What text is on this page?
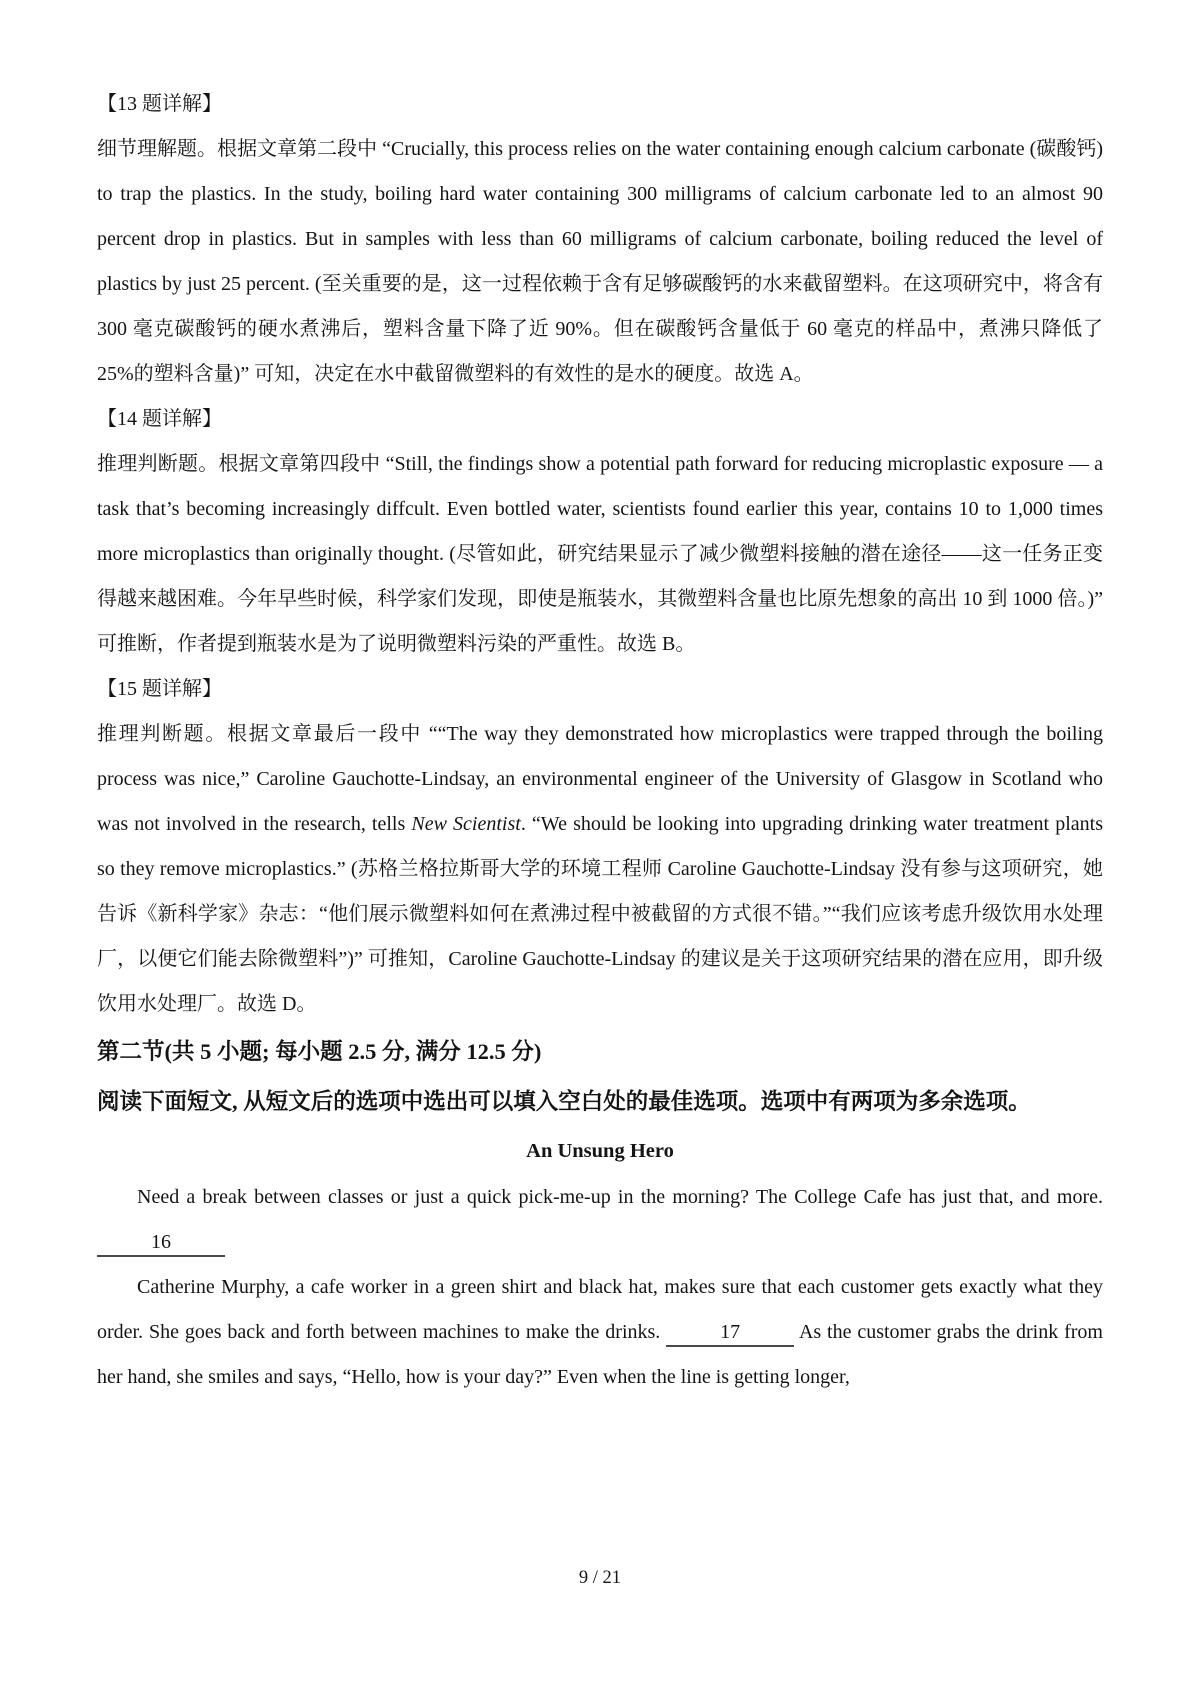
【13 题详解】

细节理解题。根据文章第二段中 “Crucially, this process relies on the water containing enough calcium carbonate (碳酸钙) to trap the plastics. In the study, boiling hard water containing 300 milligrams of calcium carbonate led to an almost 90 percent drop in plastics. But in samples with less than 60 milligrams of calcium carbonate, boiling reduced the level of plastics by just 25 percent. (至关重要的是，这一过程依赖于含有足够碳酸钙的水来截留塑料。在这项研究中，将含有 300 毫克碳酸钙的硬水煮沸后，塑料含量下降了近 90%。但在碳酸钙含量低于 60 毫克的样品中，煮沸只降低了 25%的塑料含量)” 可知，决定在水中截留微塑料的有效性的是水的硬度。故选 A。

【14 题详解】

推理判断题。根据文章第四段中 “Still, the findings show a potential path forward for reducing microplastic exposure — a task that’s becoming increasingly diffcult. Even bottled water, scientists found earlier this year, contains 10 to 1,000 times more microplastics than originally thought. (尽管如此，研究结果显示了减少微塑料接触的潜在途径——这一任务正变得越来越困难。今年早些时候，科学家们发现，即使是瓶装水，其微塑料含量也比原先想象的高出 10 到 1000 倍。)” 可推断，作者提到瓶装水是为了说明微塑料污染的严重性。故选 B。

【15 题详解】

推理判断题。根据文章最后一段中 ““The way they demonstrated how microplastics were trapped through the boiling process was nice,” Caroline Gauchotte-Lindsay, an environmental engineer of the University of Glasgow in Scotland who was not involved in the research, tells New Scientist. “We should be looking into upgrading drinking water treatment plants so they remove microplastics.” (苏格兰格拉斯哥大学的环境工程师 Caroline Gauchotte-Lindsay 没有参与这项研究，她告诉《新科学家》杂志：“他们展示微塑料如何在煮沸过程中被截留的方式很不错。”“我们应该考虑升级饮用水处理厂，以便它们能去除微塑料”)” 可推知，Caroline Gauchotte-Lindsay 的建议是关于这项研究结果的潜在应用，即升级饮用水处理厂。故选 D。

第二节(共 5 小题; 每小题 2.5 分, 满分 12.5 分)

阅读下面短文, 从短文后的选项中选出可以填入空白处的最佳选项。选项中有两项为多余选项。

An Unsung Hero

Need a break between classes or just a quick pick-me-up in the morning? The College Cafe has just that, and more. 16

Catherine Murphy, a cafe worker in a green shirt and black hat, makes sure that each customer gets exactly what they order. She goes back and forth between machines to make the drinks.	17	As the customer grabs the drink from her hand, she smiles and says, “Hello, how is your day?” Even when the line is getting longer,

9 / 21
